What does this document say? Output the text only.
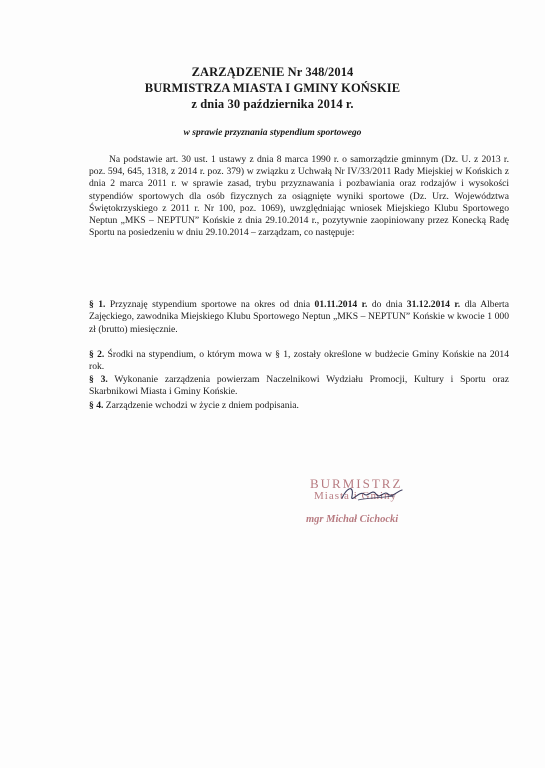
ZARZĄDZENIE Nr 348/2014
BURMISTRZA MIASTA I GMINY KOŃSKIE
z dnia 30 października 2014 r.
w sprawie przyznania stypendium sportowego
Na podstawie art. 30 ust. 1 ustawy z dnia 8 marca 1990 r. o samorządzie gminnym (Dz. U. z 2013 r. poz. 594, 645, 1318, z 2014 r. poz. 379) w związku z Uchwałą Nr IV/33/2011 Rady Miejskiej w Końskich z dnia 2 marca 2011 r. w sprawie zasad, trybu przyznawania i pozbawiania oraz rodzajów i wysokości stypendiów sportowych dla osób fizycznych za osiągnięte wyniki sportowe (Dz. Urz. Województwa Świętokrzyskiego z 2011 r. Nr 100, poz. 1069), uwzględniając wniosek Miejskiego Klubu Sportowego Neptun „MKS – NEPTUN” Końskie z dnia 29.10.2014 r., pozytywnie zaopiniowany przez Konecką Radę Sportu na posiedzeniu w dniu 29.10.2014 – zarządzam, co następuje:
§ 1. Przyznaję stypendium sportowe na okres od dnia 01.11.2014 r. do dnia 31.12.2014 r. dla Alberta Zajęckiego, zawodnika Miejskiego Klubu Sportowego Neptun „MKS – NEPTUN” Końskie w kwocie 1 000 zł (brutto) miesięcznie.
§ 2. Środki na stypendium, o którym mowa w § 1, zostały określone w budżecie Gminy Końskie na 2014 rok.
§ 3. Wykonanie zarządzenia powierzam Naczelnikowi Wydziału Promocji, Kultury i Sportu oraz Skarbnikowi Miasta i Gminy Końskie.
§ 4. Zarządzenie wchodzi w życie z dniem podpisania.
BURMISTRZ
Miasta i Gminy
mgr Michał Cichocki
